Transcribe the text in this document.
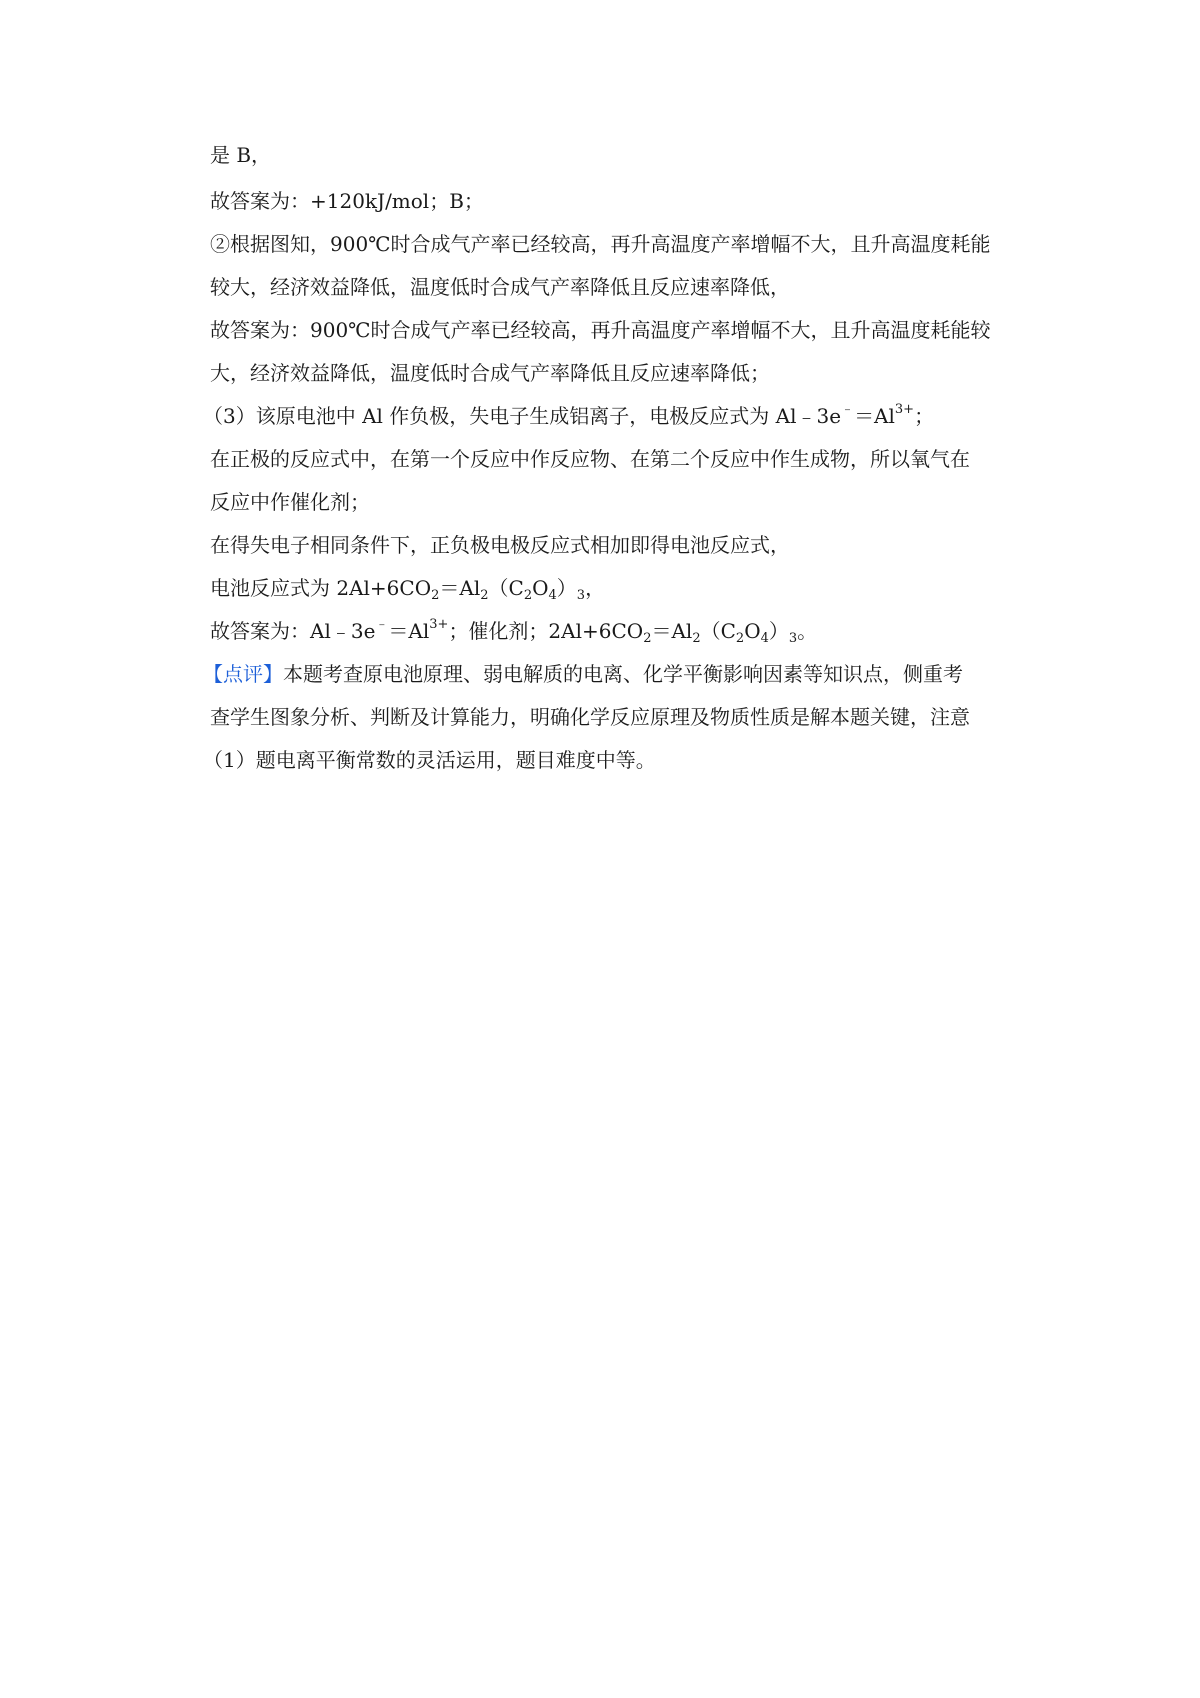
是 B，
故答案为：+120kJ/mol；B；
②根据图知，900℃时合成气产率已经较高，再升高温度产率增幅不大，且升高温度耗能
较大，经济效益降低，温度低时合成气产率降低且反应速率降低，
故答案为：900℃时合成气产率已经较高，再升高温度产率增幅不大，且升高温度耗能较
大，经济效益降低，温度低时合成气产率降低且反应速率降低；
（3）该原电池中 Al 作负极，失电子生成铝离子，电极反应式为 $Al﹣3e^﹣=Al^{3+}$；
在正极的反应式中，在第一个反应中作反应物、在第二个反应中作生成物，所以氧气在
反应中作催化剂；
在得失电子相同条件下，正负极电极反应式相加即得电池反应式，
电池反应式为 $2Al+6CO_2=Al_2(C_2O_4)_3$，
故答案为：$Al﹣3e^﹣=Al^{3+}$；催化剂；$2Al+6CO_2=Al_2(C_2O_4)_3$。
【点评】本题考查原电池原理、弱电解质的电离、化学平衡影响因素等知识点，侧重考
查学生图象分析、判断及计算能力，明确化学反应原理及物质性质是解本题关键，注意
（1）题电离平衡常数的灵活运用，题目难度中等。
